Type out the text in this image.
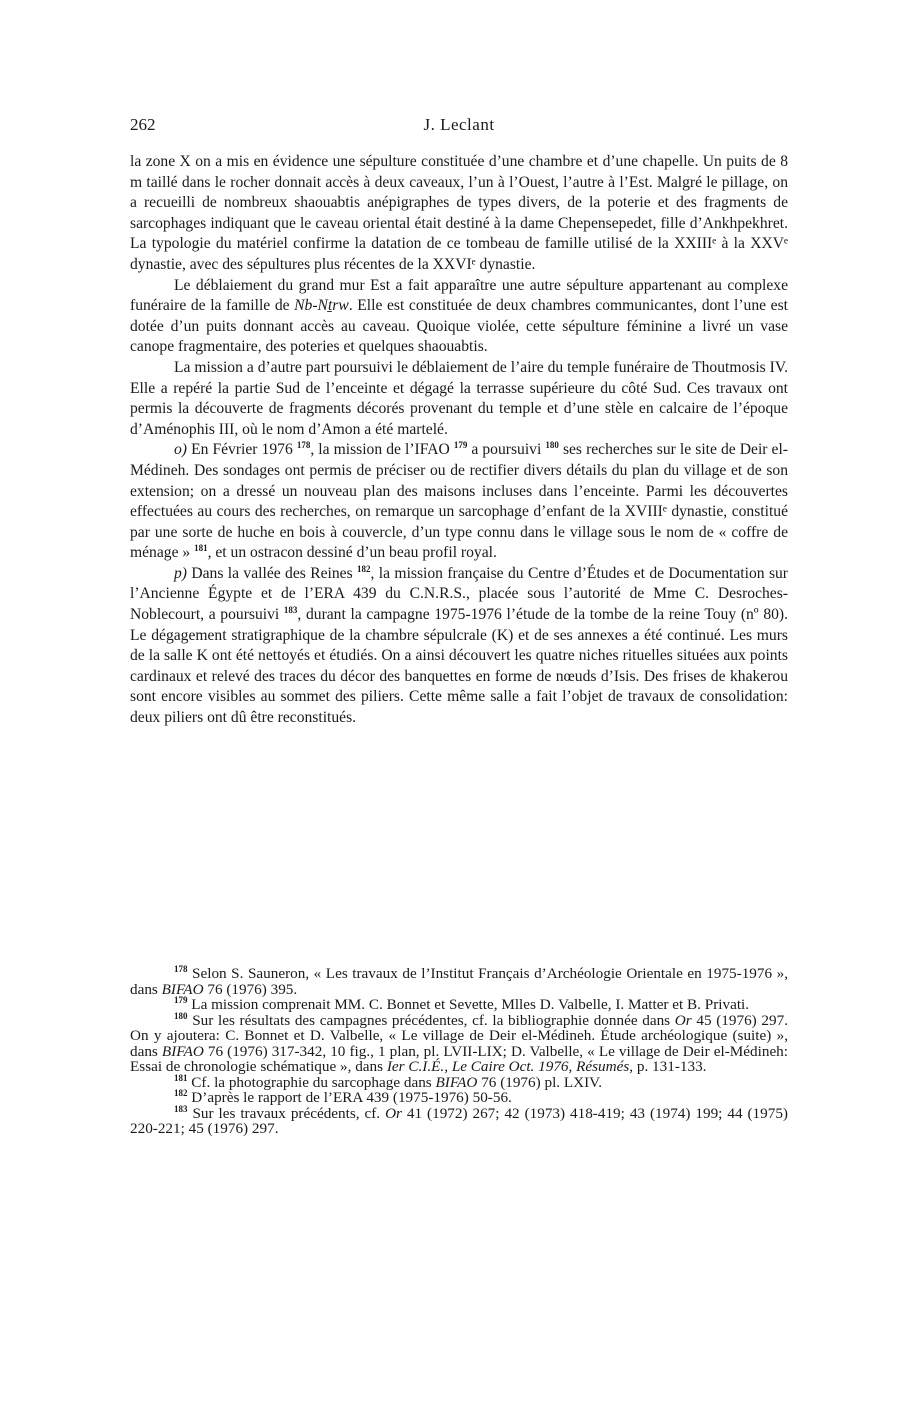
262	J. Leclant

la zone X on a mis en évidence une sépulture constituée d’une chambre et d’une chapelle. Un puits de 8 m taillé dans le rocher donnait accès à deux caveaux, l’un à l’Ouest, l’autre à l’Est. Malgré le pillage, on a recueilli de nombreux shaouabtis anépigraphes de types divers, de la poterie et des fragments de sarcophages indiquant que le caveau oriental était destiné à la dame Chepensepedet, fille d’Ankhpekhret. La typologie du matériel confirme la datation de ce tombeau de famille utilisé de la XXIIIᵉ à la XXVᵉ dynastie, avec des sépultures plus récentes de la XXVIᵉ dynastie.

Le déblaiement du grand mur Est a fait apparaître une autre sépulture appartenant au complexe funéraire de la famille de Nb-Nṯrw. Elle est constituée de deux chambres communicantes, dont l’une est dotée d’un puits donnant accès au caveau. Quoique violée, cette sépulture féminine a livré un vase canope fragmentaire, des poteries et quelques shaouabtis.

La mission a d’autre part poursuivi le déblaiement de l’aire du temple funéraire de Thoutmosis IV. Elle a repéré la partie Sud de l’enceinte et dégagé la terrasse supérieure du côté Sud. Ces travaux ont permis la découverte de fragments décorés provenant du temple et d’une stèle en calcaire de l’époque d’Aménophis III, où le nom d’Amon a été martelé.

o) En Février 1976 $^{178}$, la mission de l’IFAO $^{179}$ a poursuivi $^{180}$ ses recherches sur le site de Deir el-Médineh. Des sondages ont permis de préciser ou de rectifier divers détails du plan du village et de son extension; on a dressé un nouveau plan des maisons incluses dans l’enceinte. Parmi les découvertes effectuées au cours des recherches, on remarque un sarcophage d’enfant de la XVIIIᵉ dynastie, constitué par une sorte de huche en bois à couvercle, d’un type connu dans le village sous le nom de « coffre de ménage » $^{181}$, et un ostracon dessiné d’un beau profil royal.

p) Dans la vallée des Reines $^{182}$, la mission française du Centre d’Études et de Documentation sur l’Ancienne Égypte et de l’ERA 439 du C.N.R.S., placée sous l’autorité de Mme C. Desroches-Noblecourt, a poursuivi $^{183}$, durant la campagne 1975-1976 l’étude de la tombe de la reine Touy (nº 80). Le dégagement stratigraphique de la chambre sépulcrale (K) et de ses annexes a été continué. Les murs de la salle K ont été nettoyés et étudiés. On a ainsi découvert les quatre niches rituelles situées aux points cardinaux et relevé des traces du décor des banquettes en forme de nœuds d’Isis. Des frises de khakerou sont encore visibles au sommet des piliers. Cette même salle a fait l’objet de travaux de consolidation: deux piliers ont dû être reconstitués.

$^{178}$ Selon S. Sauneron, « Les travaux de l’Institut Français d’Archéologie Orientale en 1975-1976 », dans BIFAO 76 (1976) 395.

$^{179}$ La mission comprenait MM. C. Bonnet et Sevette, Mlles D. Valbelle, I. Matter et B. Privati.

$^{180}$ Sur les résultats des campagnes précédentes, cf. la bibliographie donnée dans Or 45 (1976) 297. On y ajoutera: C. Bonnet et D. Valbelle, « Le village de Deir el-Médineh. Étude archéologique (suite) », dans BIFAO 76 (1976) 317-342, 10 fig., 1 plan, pl. LVII-LIX; D. Valbelle, « Le village de Deir el-Médineh: Essai de chronologie schématique », dans Ier C.I.É., Le Caire Oct. 1976, Résumés, p. 131-133.

$^{181}$ Cf. la photographie du sarcophage dans BIFAO 76 (1976) pl. LXIV.

$^{182}$ D’après le rapport de l’ERA 439 (1975-1976) 50-56.

$^{183}$ Sur les travaux précédents, cf. Or 41 (1972) 267; 42 (1973) 418-419; 43 (1974) 199; 44 (1975) 220-221; 45 (1976) 297.
